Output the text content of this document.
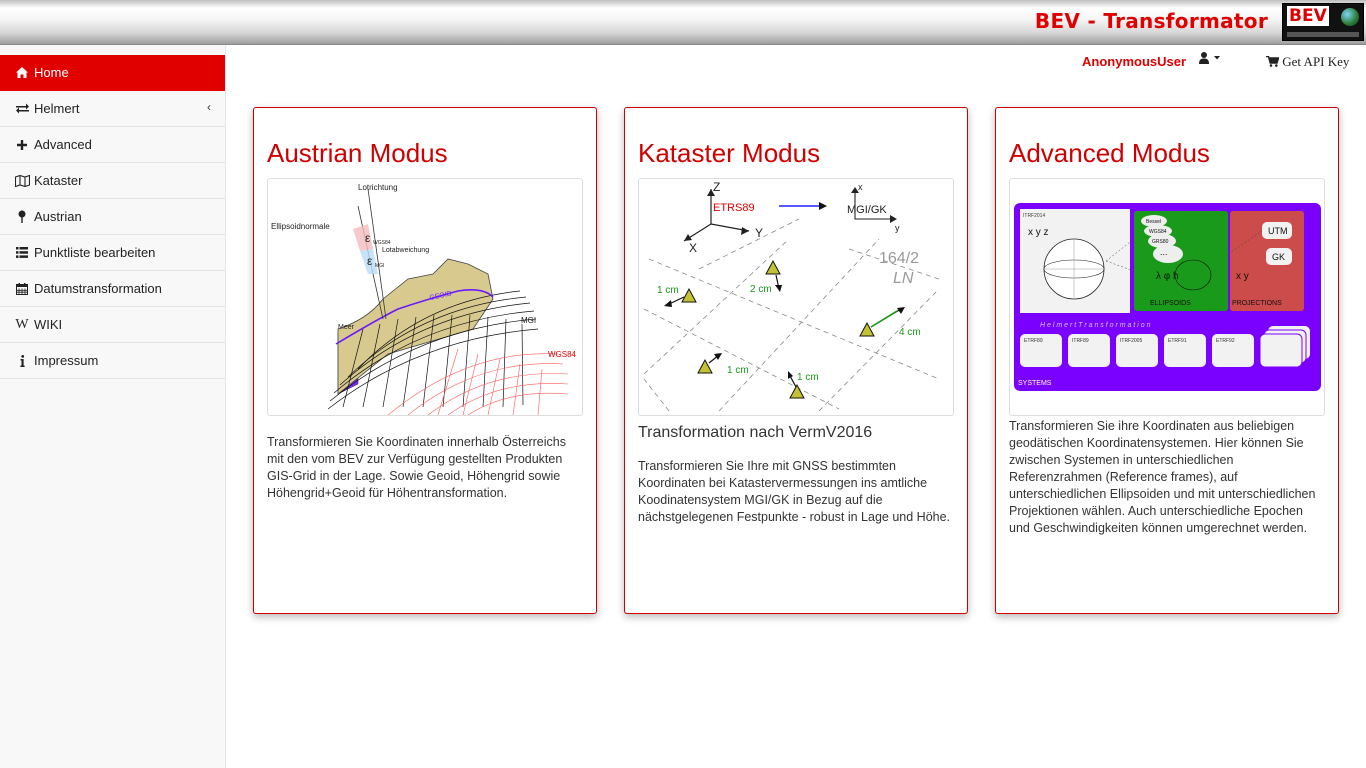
BEV - Transformator BEV
Home
Helmert	‹
Advanced
Kataster
Austrian
Punktliste bearbeiten
Datumstransformation
W WIKI
Impressum
AnonymousUser	Get API Key
Austrian Modus
Lotrichtung
Ellipsoidnormale
Lotabweichung
ε WGS84
ε MGI
GEOID
Meer
MGI
WGS84

Transformieren Sie Koordinaten innerhalb Österreichs mit den vom BEV zur Verfügung gestellten Produkten GIS-Grid in der Lage. Sowie Geoid, Höhengrid sowie Höhengrid+Geoid für Höhentransformation.

Kataster Modus
Z
X
Y
ETRS89
x
y
MGI/GK
164/2
LN
1 cm	2 cm
4 cm
1 cm
1 cm
Transformation nach VermV2016

Transformieren Sie Ihre mit GNSS bestimmten Koordinaten bei Katastervermessungen ins amtliche Koodinatensystem MGI/GK in Bezug auf die nächstgelegenen Festpunkte - robust in Lage und Höhe.

Advanced Modus
ITRF2014
x y z
Bessel
WGS84
GRS80
...
λ φ h
ELLIPSOIDS
UTM
GK
x y
PROJECTIONS
H e l m e r t T r a n s f o r m a t i o n
ETRF89	ITRF89	ITRF2005	ETRF91	ETRF92
SYSTEMS

Transformieren Sie ihre Koordinaten aus beliebigen geodätischen Koordinatensystemen. Hier können Sie zwischen Systemen in unterschiedlichen Referenzrahmen (Reference frames), auf unterschiedlichen Ellipsoiden und mit unterschiedlichen Projektionen wählen. Auch unterschiedliche Epochen und Geschwindigkeiten können umgerechnet werden.
